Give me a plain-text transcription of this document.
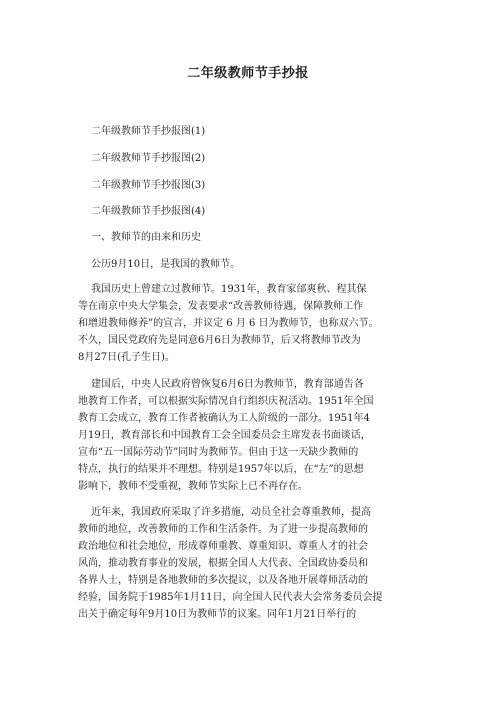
二年级教师节手抄报
二年级教师节手抄报图(1)
二年级教师节手抄报图(2)
二年级教师节手抄报图(3)
二年级教师节手抄报图(4)
一、教师节的由来和历史
公历9月10日，是我国的教师节。
我国历史上曾建立过教师节。1931年，教育家邰爽秋、程其保
等在南京中央大学集会，发表要求“改善教师待遇，保障教师工作
和增进教师修养”的宣言，并议定 6 月 6 日为教师节，也称双六节。
不久，国民党政府先是同意6月6日为教师节，后又将教师节改为
8月27日(孔子生日)。
建国后，中央人民政府曾恢复6月6日为教师节，教育部通告各
地教育工作者，可以根据实际情况自行组织庆祝活动。1951年全国
教育工会成立，教育工作者被确认为工人阶级的一部分。1951年4
月19日，教育部长和中国教育工会全国委员会主席发表书面谈话，
宣布“五一国际劳动节”同时为教师节。但由于这一天缺少教师的
特点，执行的结果并不理想。特别是1957年以后，在“左”的思想
影响下，教师不受重视，教师节实际上已不再存在。
近年来，我国政府采取了许多措施，动员全社会尊重教师，提高
教师的地位，改善教师的工作和生活条件。为了进一步提高教师的
政治地位和社会地位，形成尊师重教、尊重知识、尊重人才的社会
风尚，推动教育事业的发展，根据全国人大代表、全国政协委员和
各界人士，特别是各地教师的多次提议，以及各地开展尊师活动的
经验，国务院于1985年1月11日，向全国人民代表大会常务委员会提
出关于确定每年9月10日为教师节的议案。同年1月21日举行的
